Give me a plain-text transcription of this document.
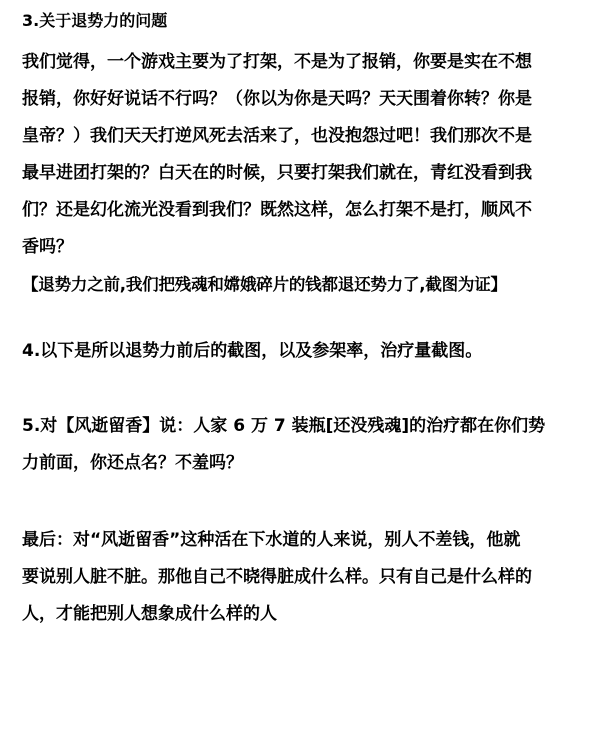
3.关于退势力的问题

我们觉得，一个游戏主要为了打架，不是为了报销，你要是实在不想

报销，你好好说话不行吗？（你以为你是天吗？天天围着你转？你是

皇帝？）我们天天打逆风死去活来了，也没抱怨过吧！我们那次不是

最早进团打架的？白天在的时候，只要打架我们就在，青红没看到我

们？还是幻化流光没看到我们？既然这样，怎么打架不是打，顺风不

香吗？

【退势力之前,我们把残魂和嫦娥碎片的钱都退还势力了,截图为证】

4.以下是所以退势力前后的截图，以及参架率，治疗量截图。

5.对【风逝留香】说：人家 6 万 7 装瓶[还没残魂]的治疗都在你们势

力前面，你还点名？不羞吗？

最后：对“风逝留香”这种活在下水道的人来说，别人不差钱，他就

要说别人脏不脏。那他自己不晓得脏成什么样。只有自己是什么样的

人，才能把别人想象成什么样的人
